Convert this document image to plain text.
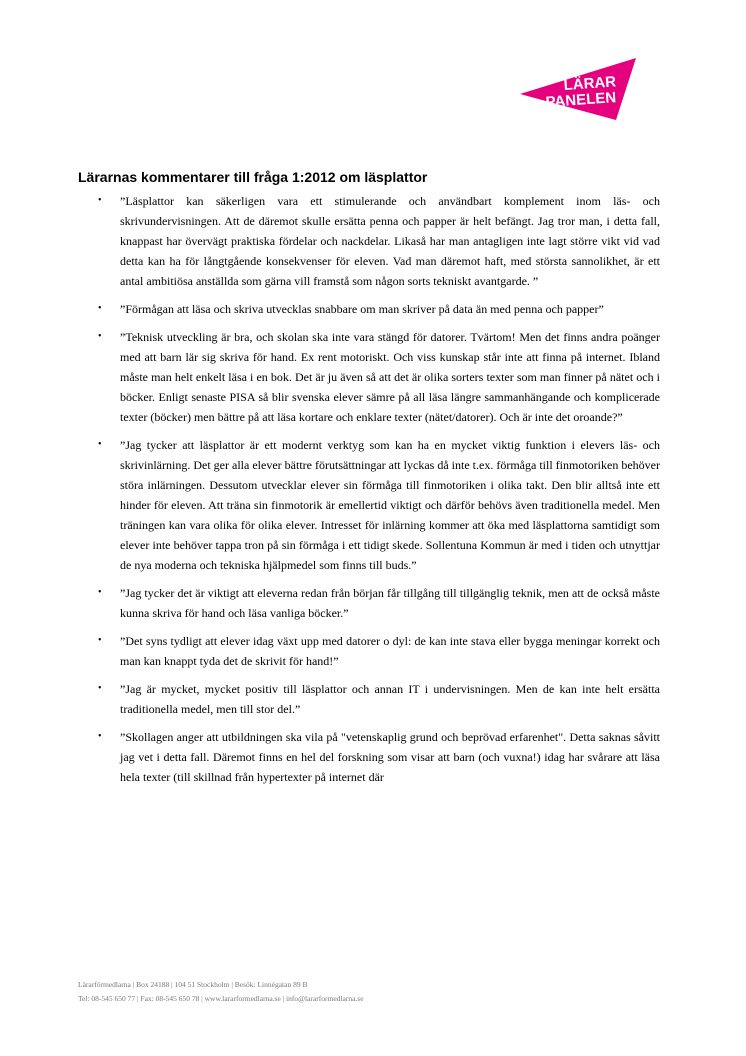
LÄRAR
PANELEN
Lärarnas kommentarer till fråga 1:2012 om läsplattor
• ”Läsplattor kan säkerligen vara ett stimulerande och användbart komplement inom läs- och skrivundervisningen. Att de däremot skulle ersätta penna och papper är helt befängt. Jag tror man, i detta fall, knappast har övervägt praktiska fördelar och nackdelar. Likaså har man antagligen inte lagt större vikt vid vad detta kan ha för långtgående konsekvenser för eleven. Vad man däremot haft, med största sannolikhet, är ett antal ambitiösa anställda som gärna vill framstå som någon sorts tekniskt avantgarde. ”
• ”Förmågan att läsa och skriva utvecklas snabbare om man skriver på data än med penna och papper”
• ”Teknisk utveckling är bra, och skolan ska inte vara stängd för datorer. Tvärtom! Men det finns andra poänger med att barn lär sig skriva för hand. Ex rent motoriskt. Och viss kunskap står inte att finna på internet. Ibland måste man helt enkelt läsa i en bok. Det är ju även så att det är olika sorters texter som man finner på nätet och i böcker. Enligt senaste PISA så blir svenska elever sämre på all läsa längre sammanhängande och komplicerade texter (böcker) men bättre på att läsa kortare och enklare texter (nätet/datorer). Och är inte det oroande?”
• ”Jag tycker att läsplattor är ett modernt verktyg som kan ha en mycket viktig funktion i elevers läs- och skrivinlärning. Det ger alla elever bättre förutsättningar att lyckas då inte t.ex. förmåga till finmotoriken behöver störa inlärningen. Dessutom utvecklar elever sin förmåga till finmotoriken i olika takt. Den blir alltså inte ett hinder för eleven. Att träna sin finmotorik är emellertid viktigt och därför behövs även traditionella medel. Men träningen kan vara olika för olika elever. Intresset för inlärning kommer att öka med läsplattorna samtidigt som elever inte behöver tappa tron på sin förmåga i ett tidigt skede. Sollentuna Kommun är med i tiden och utnyttjar de nya moderna och tekniska hjälpmedel som finns till buds.”
• ”Jag tycker det är viktigt att eleverna redan från början får tillgång till tillgänglig teknik, men att de också måste kunna skriva för hand och läsa vanliga böcker.”
• ”Det syns tydligt att elever idag växt upp med datorer o dyl: de kan inte stava eller bygga meningar korrekt och man kan knappt tyda det de skrivit för hand!”
• ”Jag är mycket, mycket positiv till läsplattor och annan IT i undervisningen. Men de kan inte helt ersätta traditionella medel, men till stor del.”
• ”Skollagen anger att utbildningen ska vila på "vetenskaplig grund och beprövad erfarenhet". Detta saknas såvitt jag vet i detta fall. Däremot finns en hel del forskning som visar att barn (och vuxna!) idag har svårare att läsa hela texter (till skillnad från hypertexter på internet där
Lärarförmedlarna | Box 24188 | 104 51 Stockholm | Besök: Linnégatan 89 B
Tel: 08-545 650 77 | Fax: 08-545 650 78 | www.lararformedlarna.se | info@lararformedlarna.se
